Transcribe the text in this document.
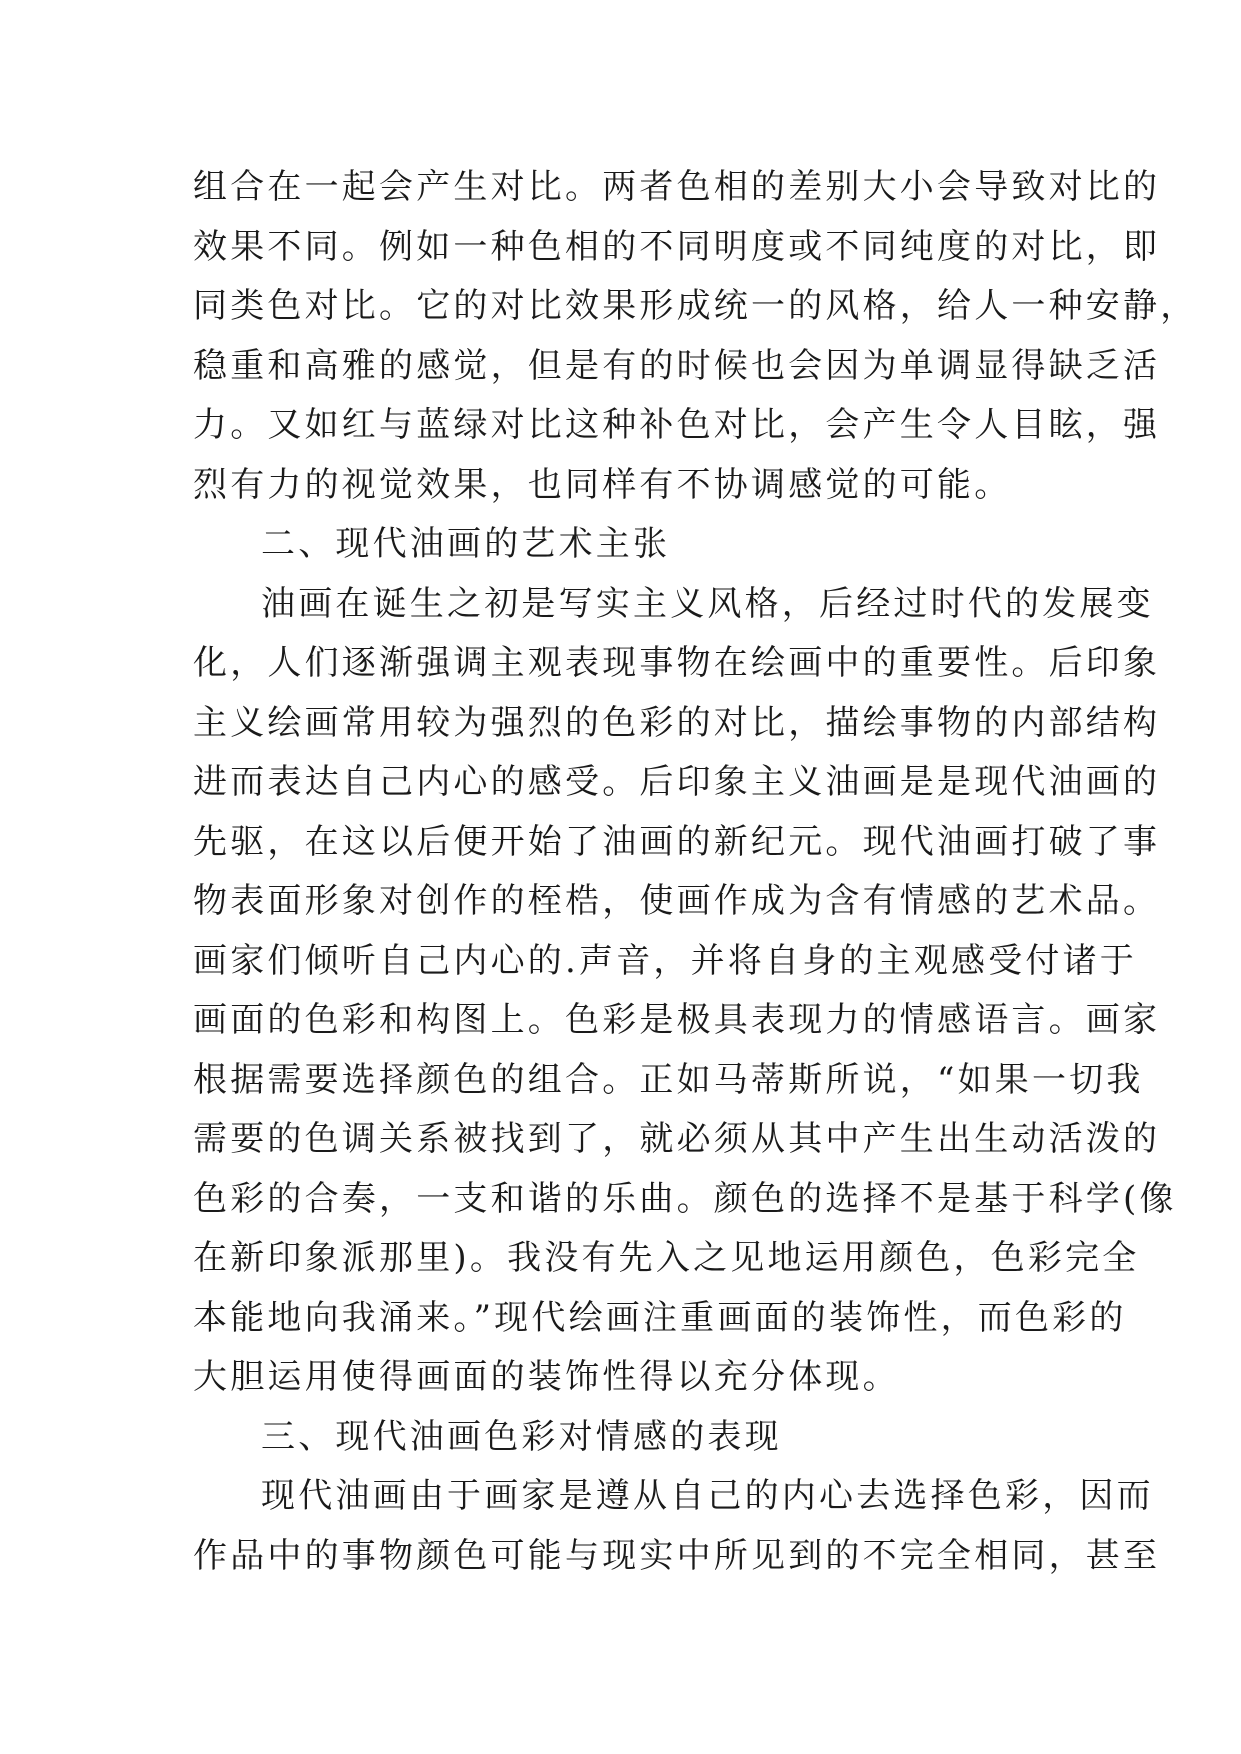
组合在一起会产生对比。两者色相的差别大小会导致对比的
效果不同。例如一种色相的不同明度或不同纯度的对比，即
同类色对比。它的对比效果形成统一的风格，给人一种安静，
稳重和高雅的感觉，但是有的时候也会因为单调显得缺乏活
力。又如红与蓝绿对比这种补色对比，会产生令人目眩，强
烈有力的视觉效果，也同样有不协调感觉的可能。
二、现代油画的艺术主张
油画在诞生之初是写实主义风格，后经过时代的发展变
化，人们逐渐强调主观表现事物在绘画中的重要性。后印象
主义绘画常用较为强烈的色彩的对比，描绘事物的内部结构
进而表达自己内心的感受。后印象主义油画是是现代油画的
先驱，在这以后便开始了油画的新纪元。现代油画打破了事
物表面形象对创作的桎梏，使画作成为含有情感的艺术品。
画家们倾听自己内心的.声音，并将自身的主观感受付诸于
画面的色彩和构图上。色彩是极具表现力的情感语言。画家
根据需要选择颜色的组合。正如马蒂斯所说，“如果一切我
需要的色调关系被找到了，就必须从其中产生出生动活泼的
色彩的合奏，一支和谐的乐曲。颜色的选择不是基于科学(像
在新印象派那里)。我没有先入之见地运用颜色，色彩完全
本能地向我涌来。”现代绘画注重画面的装饰性，而色彩的
大胆运用使得画面的装饰性得以充分体现。
三、现代油画色彩对情感的表现
现代油画由于画家是遵从自己的内心去选择色彩，因而
作品中的事物颜色可能与现实中所见到的不完全相同，甚至
